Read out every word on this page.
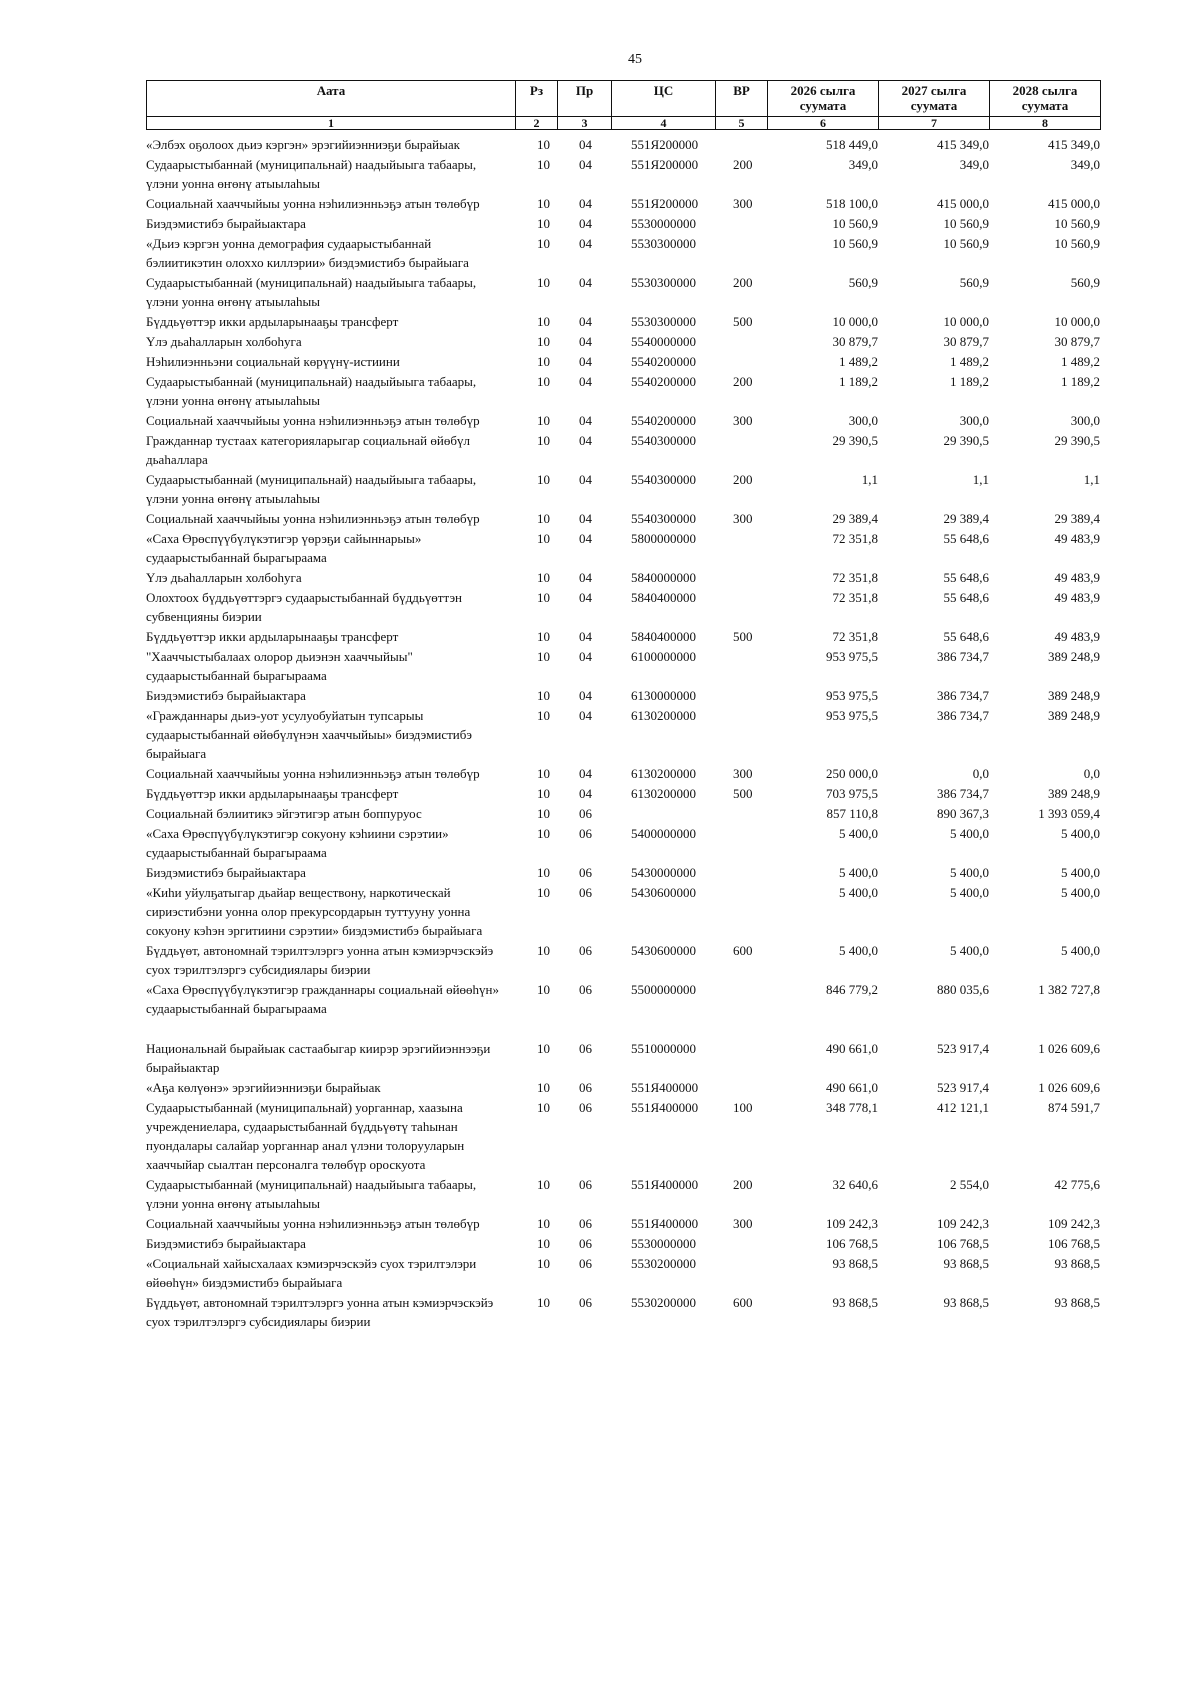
45
Аата	Рз	Пр	ЦС	ВР	2026 сылга суумата	2027 сылга суумата	2028 сылга суумата
1	2	3	4	5	6	7	8
«Элбэх оҕолоох дьиэ кэргэн» эрэгийиэнниэҕи бырайыак	10	04	551Я200000		518 449,0	415 349,0	415 349,0
Судаарыстыбаннай (муниципальнай) наадыйыыга табаары, үлэни уонна өҥөнү атыылаһыы	10	04	551Я200000	200	349,0	349,0	349,0
Социальнай хааччыйыы уонна нэһилиэнньэҕэ атын төлөбүр	10	04	551Я200000	300	518 100,0	415 000,0	415 000,0
Биэдэмистибэ бырайыактара	10	04	5530000000		10 560,9	10 560,9	10 560,9
«Дьиэ кэргэн уонна демография судаарыстыбаннай бэлиитикэтин олоххо киллэрии» биэдэмистибэ бырайыага	10	04	5530300000		10 560,9	10 560,9	10 560,9
Судаарыстыбаннай (муниципальнай) наадыйыыга табаары, үлэни уонна өҥөнү атыылаһыы	10	04	5530300000	200	560,9	560,9	560,9
Бүддьүөттэр икки ардыларынааҕы трансферт	10	04	5530300000	500	10 000,0	10 000,0	10 000,0
Үлэ дьаһалларын холбоһуга	10	04	5540000000		30 879,7	30 879,7	30 879,7
Нэһилиэнньэни социальнай көрүүнү-истиини	10	04	5540200000		1 489,2	1 489,2	1 489,2
Судаарыстыбаннай (муниципальнай) наадыйыыга табаары, үлэни уонна өҥөнү атыылаһыы	10	04	5540200000	200	1 189,2	1 189,2	1 189,2
Социальнай хааччыйыы уонна нэһилиэнньэҕэ атын төлөбүр	10	04	5540200000	300	300,0	300,0	300,0
Гражданнар тустаах категорияларыгар социальнай өйөбүл дьаһаллара	10	04	5540300000		29 390,5	29 390,5	29 390,5
Судаарыстыбаннай (муниципальнай) наадыйыыга табаары, үлэни уонна өҥөнү атыылаһыы	10	04	5540300000	200	1,1	1,1	1,1
Социальнай хааччыйыы уонна нэһилиэнньэҕэ атын төлөбүр	10	04	5540300000	300	29 389,4	29 389,4	29 389,4
«Саха Өрөспүүбүлүкэтигэр үөрэҕи сайыннарыы» судаарыстыбаннай бырагыраама	10	04	5800000000		72 351,8	55 648,6	49 483,9
Үлэ дьаһалларын холбоһуга	10	04	5840000000		72 351,8	55 648,6	49 483,9
Олохтоох бүддьүөттэргэ судаарыстыбаннай бүддьүөттэн субвенцияны биэрии	10	04	5840400000		72 351,8	55 648,6	49 483,9
Бүддьүөттэр икки ардыларынааҕы трансферт	10	04	5840400000	500	72 351,8	55 648,6	49 483,9
"Хааччыстыбалаах олорор дьиэнэн хааччыйыы" судаарыстыбаннай бырагыраама	10	04	6100000000		953 975,5	386 734,7	389 248,9
Биэдэмистибэ бырайыактара	10	04	6130000000		953 975,5	386 734,7	389 248,9
«Гражданнары дьиэ-уот усулуобуйатын тупсарыы судаарыстыбаннай өйөбүлүнэн хааччыйыы» биэдэмистибэ бырайыага	10	04	6130200000		953 975,5	386 734,7	389 248,9
Социальнай хааччыйыы уонна нэһилиэнньэҕэ атын төлөбүр	10	04	6130200000	300	250 000,0	0,0	0,0
Бүддьүөттэр икки ардыларынааҕы трансферт	10	04	6130200000	500	703 975,5	386 734,7	389 248,9
Социальнай бэлиитикэ эйгэтигэр атын боппуруос	10	06			857 110,8	890 367,3	1 393 059,4
«Саха Өрөспүүбүлүкэтигэр сокуону кэһиини сэрэтии» судаарыстыбаннай бырагыраама	10	06	5400000000		5 400,0	5 400,0	5 400,0
Биэдэмистибэ бырайыактара	10	06	5430000000		5 400,0	5 400,0	5 400,0
«Киһи уйулҕатыгар дьайар веществону, наркотическай сириэстибэни уонна олор прекурсордарын туттууну уонна сокуону кэһэн эргитиини сэрэтии» биэдэмистибэ бырайыага	10	06	5430600000		5 400,0	5 400,0	5 400,0
Бүддьүөт, автономнай тэрилтэлэргэ уонна атын кэмиэрчэскэйэ суох тэрилтэлэргэ субсидиялары биэрии	10	06	5430600000	600	5 400,0	5 400,0	5 400,0
«Саха Өрөспүүбүлүкэтигэр гражданнары социальнай өйөөһүн» судаарыстыбаннай бырагыраама	10	06	5500000000		846 779,2	880 035,6	1 382 727,8

Национальнай бырайыак састаабыгар киирэр эрэгийиэннээҕи бырайыактар	10	06	5510000000		490 661,0	523 917,4	1 026 609,6
«Аҕа көлүөнэ» эрэгийиэнниэҕи бырайыак	10	06	551Я400000		490 661,0	523 917,4	1 026 609,6
Судаарыстыбаннай (муниципальнай) уорганнар, хаазына учреждениелара, судаарыстыбаннай бүддьүөтү таһынан пуондалары салайар уорганнар анал үлэни толорууларын хааччыйар сыалтан персоналга төлөбүр ороскуота	10	06	551Я400000	100	348 778,1	412 121,1	874 591,7
Судаарыстыбаннай (муниципальнай) наадыйыыга табаары, үлэни уонна өҥөнү атыылаһыы	10	06	551Я400000	200	32 640,6	2 554,0	42 775,6
Социальнай хааччыйыы уонна нэһилиэнньэҕэ атын төлөбүр	10	06	551Я400000	300	109 242,3	109 242,3	109 242,3
Биэдэмистибэ бырайыактара	10	06	5530000000		106 768,5	106 768,5	106 768,5
«Социальнай хайысхалаах кэмиэрчэскэйэ суох тэрилтэлэри өйөөһүн» биэдэмистибэ бырайыага	10	06	5530200000		93 868,5	93 868,5	93 868,5
Бүддьүөт, автономнай тэрилтэлэргэ уонна атын кэмиэрчэскэйэ суох тэрилтэлэргэ субсидиялары биэрии	10	06	5530200000	600	93 868,5	93 868,5	93 868,5
